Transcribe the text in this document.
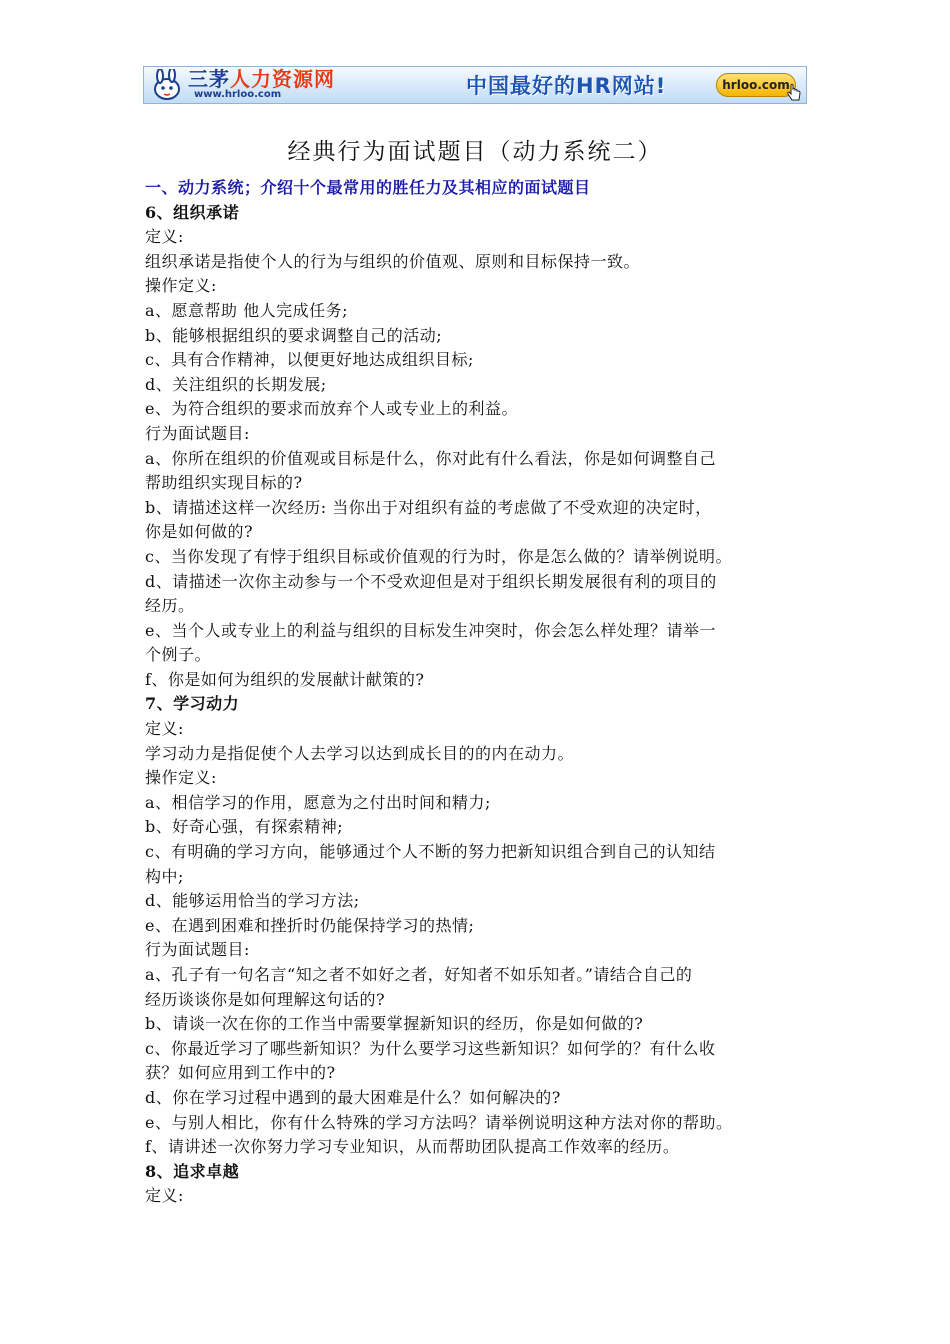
三茅人力资源网
www.hrloo.com	中国最好的HR网站!	hrloo.com
经典行为面试题目（动力系统二）
一、动力系统；介绍十个最常用的胜任力及其相应的面试题目
6、组织承诺
定义:
组织承诺是指使个人的行为与组织的价值观、原则和目标保持一致。
操作定义:
a、愿意帮助 他人完成任务;
b、能够根据组织的要求调整自己的活动;
c、具有合作精神，以便更好地达成组织目标;
d、关注组织的长期发展;
e、为符合组织的要求而放弃个人或专业上的利益。
行为面试题目:
a、你所在组织的价值观或目标是什么，你对此有什么看法，你是如何调整自己
帮助组织实现目标的?
b、请描述这样一次经历: 当你出于对组织有益的考虑做了不受欢迎的决定时，
你是如何做的?
c、当你发现了有悖于组织目标或价值观的行为时，你是怎么做的？请举例说明。
d、请描述一次你主动参与一个不受欢迎但是对于组织长期发展很有利的项目的
经历。
e、当个人或专业上的利益与组织的目标发生冲突时，你会怎么样处理？请举一
个例子。
f、你是如何为组织的发展献计献策的?
7、学习动力
定义:
学习动力是指促使个人去学习以达到成长目的的内在动力。
操作定义:
a、相信学习的作用，愿意为之付出时间和精力;
b、好奇心强，有探索精神;
c、有明确的学习方向，能够通过个人不断的努力把新知识组合到自己的认知结
构中;
d、能够运用恰当的学习方法;
e、在遇到困难和挫折时仍能保持学习的热情;
行为面试题目:
a、孔子有一句名言“知之者不如好之者，好知者不如乐知者。”请结合自己的
经历谈谈你是如何理解这句话的?
b、请谈一次在你的工作当中需要掌握新知识的经历，你是如何做的?
c、你最近学习了哪些新知识？为什么要学习这些新知识？如何学的？有什么收
获？如何应用到工作中的?
d、你在学习过程中遇到的最大困难是什么？如何解决的?
e、与别人相比，你有什么特殊的学习方法吗？请举例说明这种方法对你的帮助。
f、请讲述一次你努力学习专业知识，从而帮助团队提高工作效率的经历。
8、追求卓越
定义:
